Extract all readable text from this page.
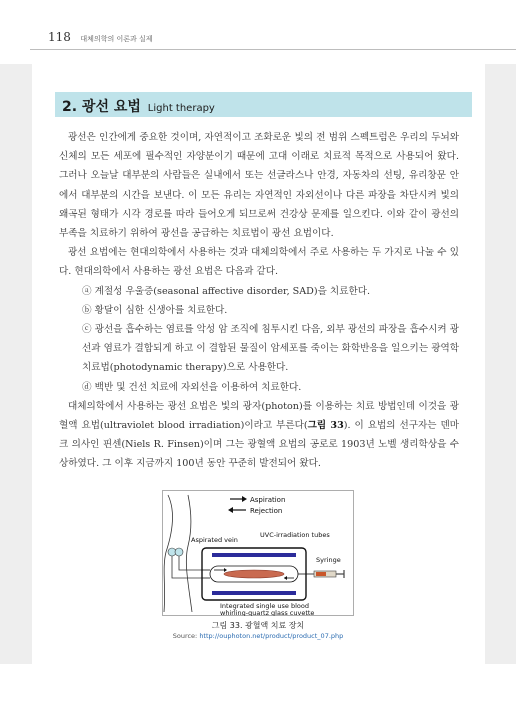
118 대체의학의 이론과 실제
2. 광선 요법 Light therapy

광선은 인간에게 중요한 것이며, 자연적이고 조화로운 빛의 전 범위 스펙트럼은 우리의 두뇌와 신체의 모든 세포에 필수적인 자양분이기 때문에 고대 이래로 치료적 목적으로 사용되어 왔다. 그러나 오늘날 대부분의 사람들은 실내에서 또는 선글라스나 안경, 자동차의 선팅, 유리창문 안에서 대부분의 시간을 보낸다. 이 모든 유리는 자연적인 자외선이나 다른 파장을 차단시켜 빛의 왜곡된 형태가 시각 경로를 따라 들어오게 되므로써 건강상 문제를 일으킨다. 이와 같이 광선의 부족을 치료하기 위하여 광선을 공급하는 치료법이 광선 요법이다.

광선 요법에는 현대의학에서 사용하는 것과 대체의학에서 주로 사용하는 두 가지로 나눌 수 있다. 현대의학에서 사용하는 광선 요법은 다음과 같다.

ⓐ 계절성 우울증(seasonal affective disorder, SAD)을 치료한다.

ⓑ 황달이 심한 신생아를 치료한다.

ⓒ 광선을 흡수하는 염료를 악성 암 조직에 침투시킨 다음, 외부 광선의 파장을 흡수시켜 광선과 염료가 결합되게 하고 이 결합된 물질이 암세포를 죽이는 화학반응을 일으키는 광역학 치료법(photodynamic therapy)으로 사용한다.

ⓓ 백반 및 건선 치료에 자외선을 이용하여 치료한다.

대체의학에서 사용하는 광선 요법은 빛의 광자(photon)를 이용하는 치료 방법인데 이것을 광혈액 요법(ultraviolet blood irradiation)이라고 부른다(그림 33). 이 요법의 선구자는 덴마크 의사인 핀센(Niels R. Finsen)이며 그는 광혈액 요법의 공로로 1903년 노벨 생리학상을 수상하였다. 그 이후 지금까지 100년 동안 꾸준히 발전되어 왔다.

Aspiration
Rejection
Aspirated vein
UVC-irradiation tubes
Syringe
Integrated single use blood
whirling-quartz glass cuvette
그림 33. 광혈액 치료 장치
Source: http://ouphoton.net/product/product_07.php
